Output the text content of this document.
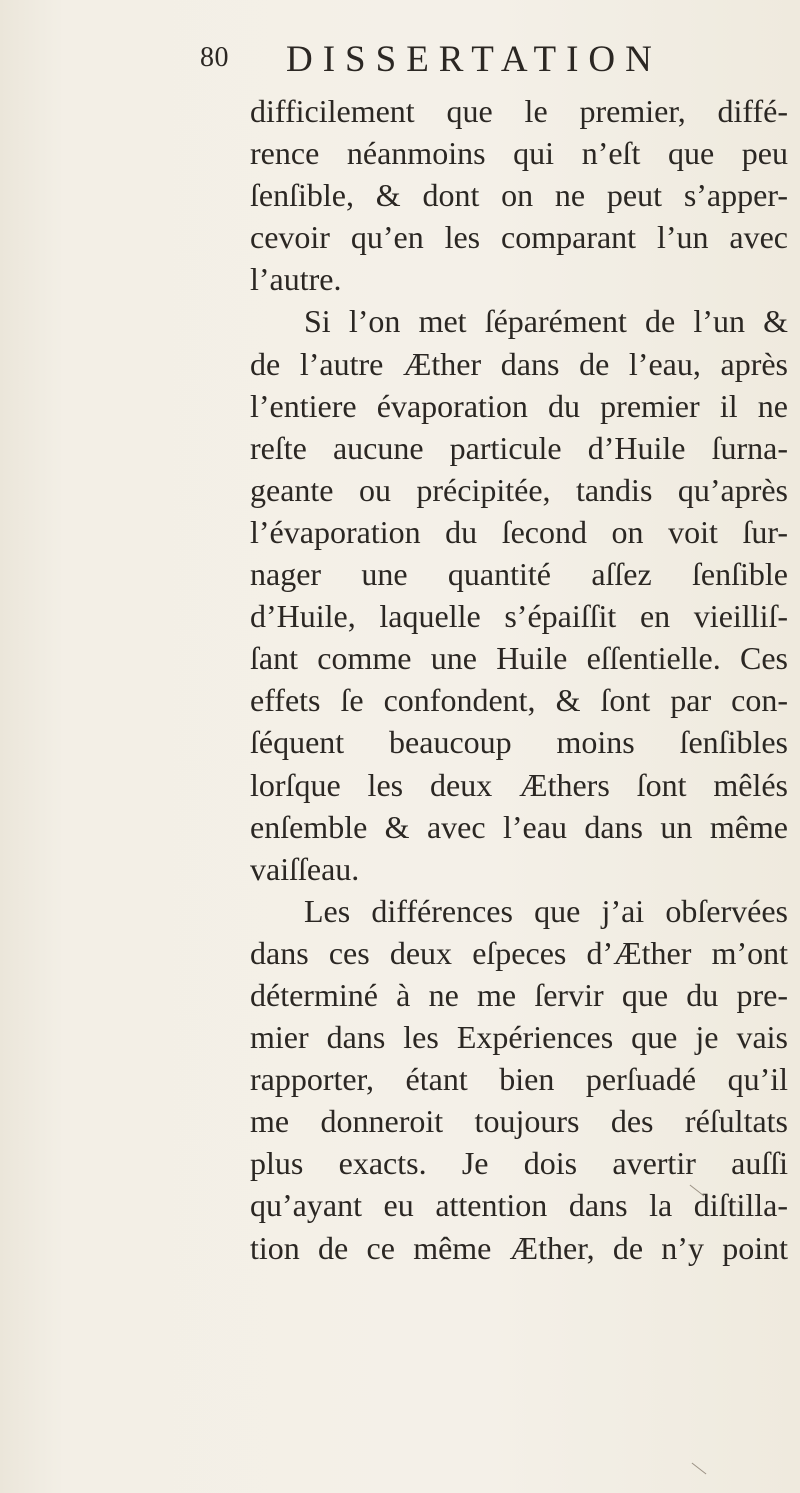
80 DISSERTATION
difficilement que le premier, diffé-
rence néanmoins qui n’eſt que peu
ſenſible, & dont on ne peut s’apper-
cevoir qu’en les comparant l’un avec
l’autre.
Si l’on met ſéparément de l’un &
de l’autre Æther dans de l’eau, après
l’entiere évaporation du premier il ne
reſte aucune particule d’Huile ſurna-
geante ou précipitée, tandis qu’après
l’évaporation du ſecond on voit ſur-
nager une quantité aſſez ſenſible
d’Huile, laquelle s’épaiſſit en vieilliſ-
ſant comme une Huile eſſentielle. Ces
effets ſe confondent, & ſont par con-
ſéquent beaucoup moins ſenſibles
lorſque les deux Æthers ſont mêlés
enſemble & avec l’eau dans un même
vaiſſeau.
Les différences que j’ai obſervées
dans ces deux eſpeces d’Æther m’ont
déterminé à ne me ſervir que du pre-
mier dans les Expériences que je vais
rapporter, étant bien perſuadé qu’il
me donneroit toujours des réſultats
plus exacts. Je dois avertir auſſi
qu’ayant eu attention dans la diſtilla-
tion de ce même Æther, de n’y point
